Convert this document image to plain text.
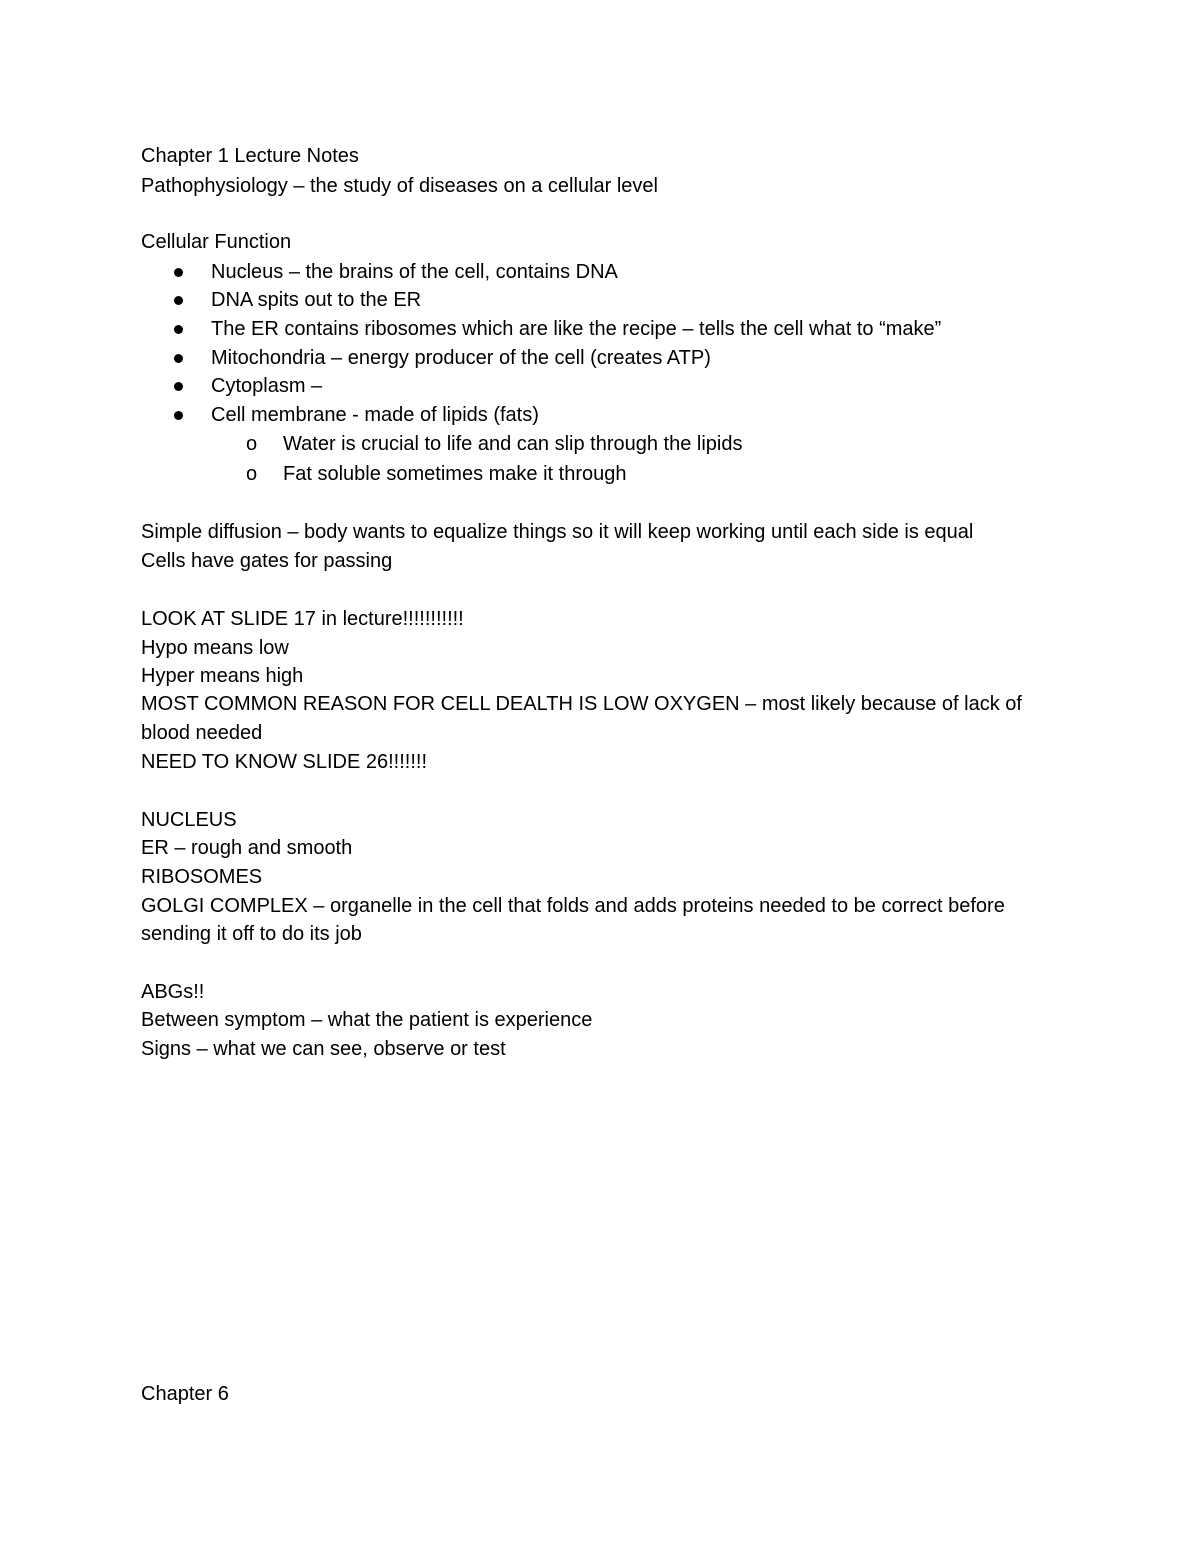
Chapter 1 Lecture Notes
Pathophysiology – the study of diseases on a cellular level
Cellular Function
Nucleus – the brains of the cell, contains DNA
DNA spits out to the ER
The ER contains ribosomes which are like the recipe – tells the cell what to “make”
Mitochondria – energy producer of the cell (creates ATP)
Cytoplasm –
Cell membrane - made of lipids (fats)
o Water is crucial to life and can slip through the lipids
o Fat soluble sometimes make it through
Simple diffusion – body wants to equalize things so it will keep working until each side is equal
Cells have gates for passing
LOOK AT SLIDE 17 in lecture!!!!!!!!!!!
Hypo means low
Hyper means high
MOST COMMON REASON FOR CELL DEALTH IS LOW OXYGEN – most likely because of lack of
blood needed
NEED TO KNOW SLIDE 26!!!!!!!
NUCLEUS
ER – rough and smooth
RIBOSOMES
GOLGI COMPLEX – organelle in the cell that folds and adds proteins needed to be correct before
sending it off to do its job
ABGs!!
Between symptom – what the patient is experience
Signs – what we can see, observe or test
Chapter 6
